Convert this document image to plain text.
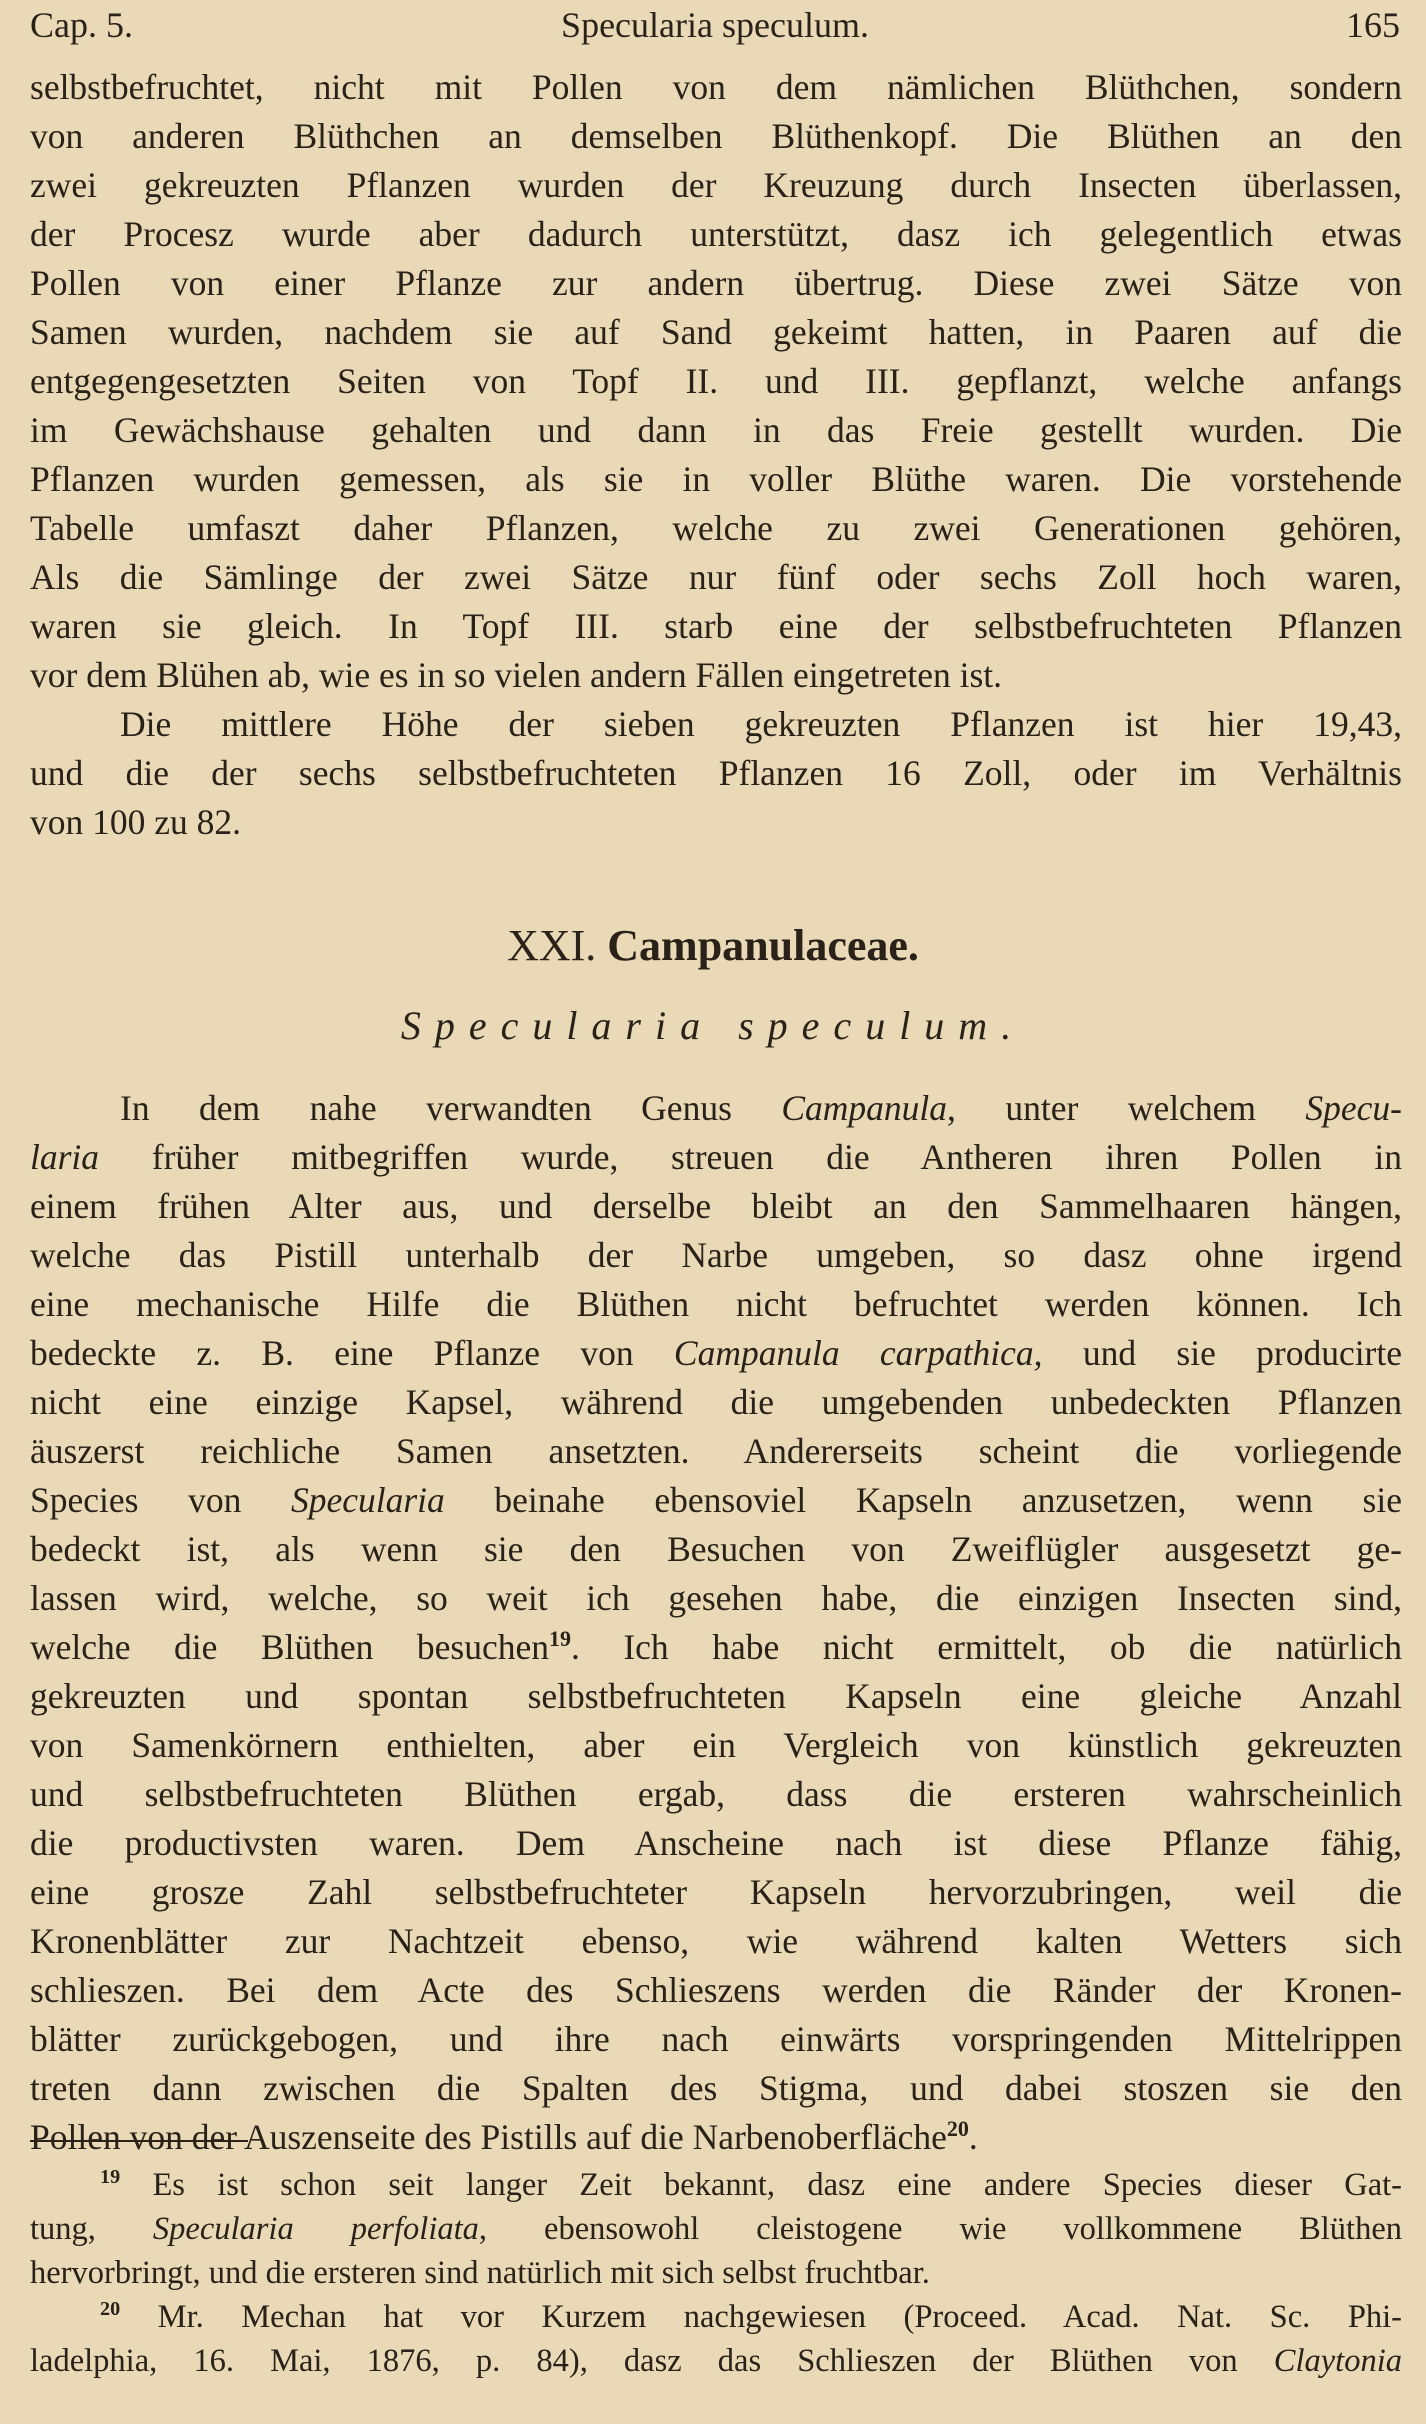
Cap. 5.	Specularia speculum.	165
selbstbefruchtet, nicht mit Pollen von dem nämlichen Blüthchen, sondern
von anderen Blüthchen an demselben Blüthenkopf. Die Blüthen an den
zwei gekreuzten Pflanzen wurden der Kreuzung durch Insecten überlassen,
der Procesz wurde aber dadurch unterstützt, dasz ich gelegentlich etwas
Pollen von einer Pflanze zur andern übertrug. Diese zwei Sätze von
Samen wurden, nachdem sie auf Sand gekeimt hatten, in Paaren auf die
entgegengesetzten Seiten von Topf II. und III. gepflanzt, welche anfangs
im Gewächshause gehalten und dann in das Freie gestellt wurden. Die
Pflanzen wurden gemessen, als sie in voller Blüthe waren. Die vorstehende
Tabelle umfaszt daher Pflanzen, welche zu zwei Generationen gehören,
Als die Sämlinge der zwei Sätze nur fünf oder sechs Zoll hoch waren,
waren sie gleich. In Topf III. starb eine der selbstbefruchteten Pflanzen
vor dem Blühen ab, wie es in so vielen andern Fällen eingetreten ist.
Die mittlere Höhe der sieben gekreuzten Pflanzen ist hier 19,43,
und die der sechs selbstbefruchteten Pflanzen 16 Zoll, oder im Verhältnis
von 100 zu 82.
XXI. Campanulaceae.
Specularia speculum.
In dem nahe verwandten Genus Campanula, unter welchem Specu-
laria früher mitbegriffen wurde, streuen die Antheren ihren Pollen in
einem frühen Alter aus, und derselbe bleibt an den Sammelhaaren hängen,
welche das Pistill unterhalb der Narbe umgeben, so dasz ohne irgend
eine mechanische Hilfe die Blüthen nicht befruchtet werden können. Ich
bedeckte z. B. eine Pflanze von Campanula carpathica, und sie producirte
nicht eine einzige Kapsel, während die umgebenden unbedeckten Pflanzen
äuszerst reichliche Samen ansetzten. Andererseits scheint die vorliegende
Species von Specularia beinahe ebensoviel Kapseln anzusetzen, wenn sie
bedeckt ist, als wenn sie den Besuchen von Zweiflügler ausgesetzt ge-
lassen wird, welche, so weit ich gesehen habe, die einzigen Insecten sind,
welche die Blüthen besuchen$^{19}$. Ich habe nicht ermittelt, ob die natürlich
gekreuzten und spontan selbstbefruchteten Kapseln eine gleiche Anzahl
von Samenkörnern enthielten, aber ein Vergleich von künstlich gekreuzten
und selbstbefruchteten Blüthen ergab, dass die ersteren wahrscheinlich
die productivsten waren. Dem Anscheine nach ist diese Pflanze fähig,
eine grosze Zahl selbstbefruchteter Kapseln hervorzubringen, weil die
Kronenblätter zur Nachtzeit ebenso, wie während kalten Wetters sich
schlieszen. Bei dem Acte des Schlieszens werden die Ränder der Kronen-
blätter zurückgebogen, und ihre nach einwärts vorspringenden Mittelrippen
treten dann zwischen die Spalten des Stigma, und dabei stoszen sie den
Pollen von der Auszenseite des Pistills auf die Narbenoberfläche$^{20}$.
$^{19}$ Es ist schon seit langer Zeit bekannt, dasz eine andere Species dieser Gat-
tung, Specularia perfoliata, ebensowohl cleistogene wie vollkommene Blüthen
hervorbringt, und die ersteren sind natürlich mit sich selbst fruchtbar.
$^{20}$ Mr. Mechan hat vor Kurzem nachgewiesen (Proceed. Acad. Nat. Sc. Phi-
ladelphia, 16. Mai, 1876, p. 84), dasz das Schlieszen der Blüthen von Claytonia
